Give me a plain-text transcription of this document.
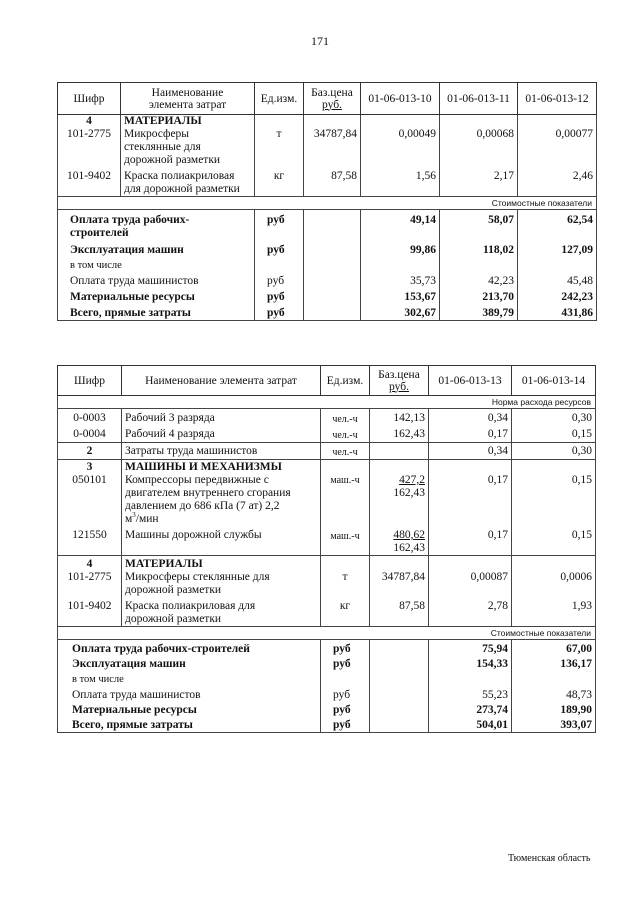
171
Шифр	Наименование
элемента затрат	Ед.изм.	Баз.цена
руб.	01-06-013-10	01-06-013-11	01-06-013-12
4	МАТЕРИАЛЫ					
101-2775	Микросферы
стеклянные для
дорожной разметки	т	34787,84	0,00049	0,00068	0,00077
101-9402	Краска полиакриловая
для дорожной разметки	кг	87,58	1,56	2,17	2,46
Стоимостные показатели						

Оплата труда рабочих-
строителей		руб		49,14	58,07	62,54
Эксплуатация машин		руб		99,86	118,02	127,09
в том числе						
Оплата труда машинистов		руб		35,73	42,23	45,48
Материальные ресурсы		руб		153,67	213,70	242,23
Всего, прямые затраты		руб		302,67	389,79	431,86
Шифр	Наименование элемента затрат	Ед.изм.	Баз.цена
руб.	01-06-013-13	01-06-013-14
Норма расхода ресурсов					
0-0003	Рабочий 3 разряда	чел.-ч	142,13	0,34	0,30
0-0004	Рабочий 4 разряда	чел.-ч	162,43	0,17	0,15
2	Затраты труда машинистов	чел.-ч		0,34	0,30
3	МАШИНЫ И МЕХАНИЗМЫ				
050101	Компрессоры передвижные с
двигателем внутреннего сгорания
давлением до 686 кПа (7 ат) 2,2
$м^3$/мин	маш.-ч	427,2
162,43	0,17	0,15
121550	Машины дорожной службы	маш.-ч	480,62
162,43	0,17	0,15
4	МАТЕРИАЛЫ				
101-2775	Микросферы стеклянные для
дорожной разметки	т	34787,84	0,00087	0,0006
101-9402	Краска полиакриловая для
дорожной разметки	кг	87,58	2,78	1,93
Стоимостные показатели					
Оплата труда рабочих-строителей		руб		75,94	67,00
Эксплуатация машин		руб		154,33	136,17
в том числе					
Оплата труда машинистов		руб		55,23	48,73
Материальные ресурсы		руб		273,74	189,90
Всего, прямые затраты		руб		504,01	393,07
Тюменская область
